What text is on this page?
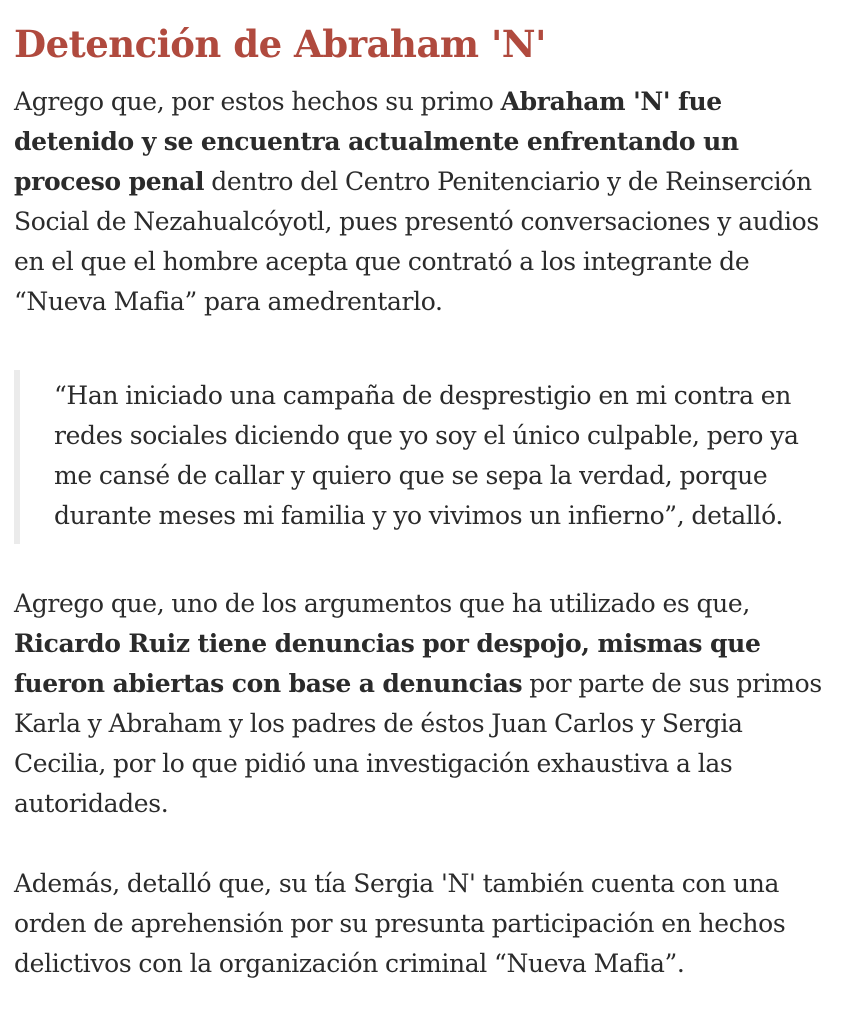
Detención de Abraham 'N'

Agrego que, por estos hechos su primo Abraham 'N' fue detenido y se encuentra actualmente enfrentando un proceso penal dentro del Centro Penitenciario y de Reinserción Social de Nezahualcóyotl, pues presentó conversaciones y audios en el que el hombre acepta que contrató a los integrante de “Nueva Mafia” para amedrentarlo.

“Han iniciado una campaña de desprestigio en mi contra en redes sociales diciendo que yo soy el único culpable, pero ya me cansé de callar y quiero que se sepa la verdad, porque durante meses mi familia y yo vivimos un infierno”, detalló.

Agrego que, uno de los argumentos que ha utilizado es que, Ricardo Ruiz tiene denuncias por despojo, mismas que fueron abiertas con base a denuncias por parte de sus primos Karla y Abraham y los padres de éstos Juan Carlos y Sergia Cecilia, por lo que pidió una investigación exhaustiva a las autoridades.

Además, detalló que, su tía Sergia 'N' también cuenta con una orden de aprehensión por su presunta participación en hechos delictivos con la organización criminal “Nueva Mafia”.
